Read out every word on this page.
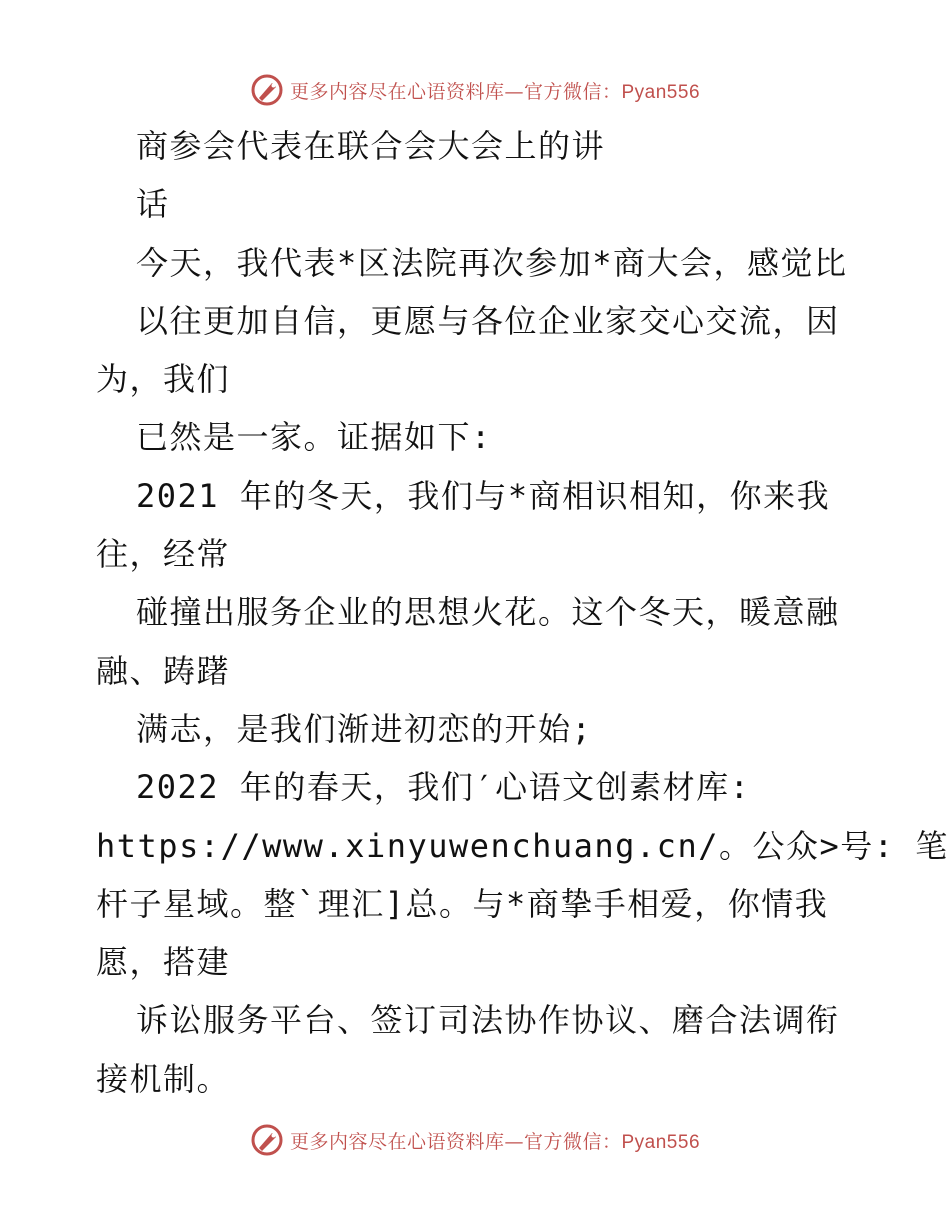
更多内容尽在心语资料库—官方微信：Pyan556
商参会代表在联合会大会上的讲
话
今天，我代表*区法院再次参加*商大会，感觉比
以往更加自信，更愿与各位企业家交心交流，因
为，我们
已然是一家。证据如下:
2021 年的冬天，我们与*商相识相知，你来我
往，经常
碰撞出服务企业的思想火花。这个冬天，暖意融
融、踌躇
满志，是我们渐进初恋的开始;
2022 年的春天，我们′心语文创素材库:
https://www.xinyuwenchuang.cn/。公众>号: 笔
杆子星域。整`理汇]总。与*商挚手相爱，你情我
愿，搭建
诉讼服务平台、签订司法协作协议、磨合法调衔
接机制。
更多内容尽在心语资料库—官方微信：Pyan556
